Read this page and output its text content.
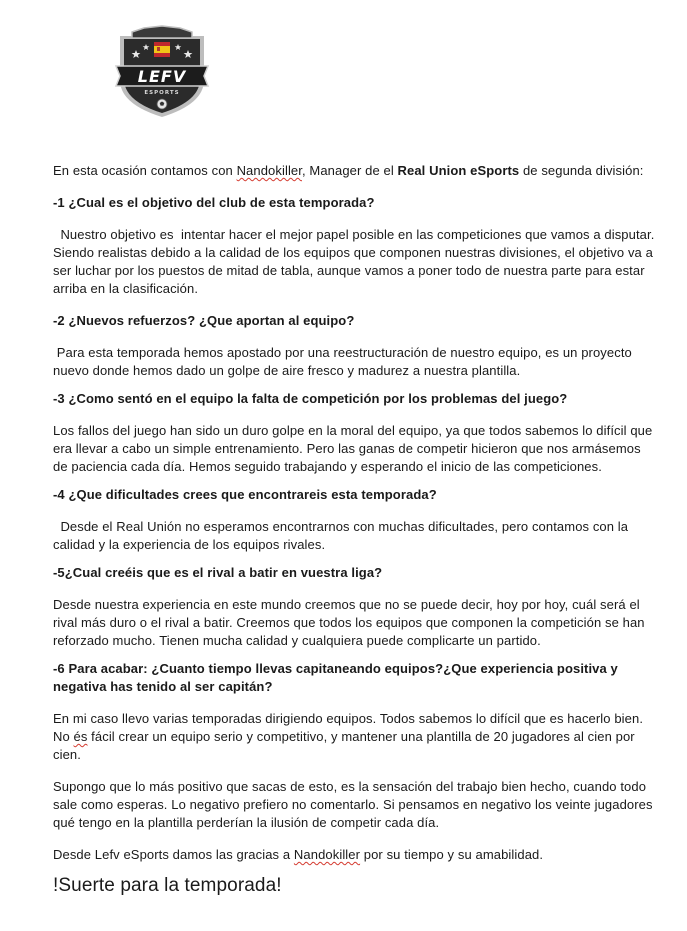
LEFV
ESPORTS

En esta ocasión contamos con Nandokiller, Manager de el Real Union eSports de segunda división:

-1 ¿Cual es el objetivo del club de esta temporada?

Nuestro objetivo es  intentar hacer el mejor papel posible en las competiciones que vamos a disputar. Siendo realistas debido a la calidad de los equipos que componen nuestras divisiones, el objetivo va a ser luchar por los puestos de mitad de tabla, aunque vamos a poner todo de nuestra parte para estar arriba en la clasificación.

-2 ¿Nuevos refuerzos? ¿Que aportan al equipo?

Para esta temporada hemos apostado por una reestructuración de nuestro equipo, es un proyecto nuevo donde hemos dado un golpe de aire fresco y madurez a nuestra plantilla.

-3 ¿Como sentó en el equipo la falta de competición por los problemas del juego?

Los fallos del juego han sido un duro golpe en la moral del equipo, ya que todos sabemos lo difícil que era llevar a cabo un simple entrenamiento. Pero las ganas de competir hicieron que nos armásemos de paciencia cada día. Hemos seguido trabajando y esperando el inicio de las competiciones.

-4 ¿Que dificultades crees que encontrareis esta temporada?

Desde el Real Unión no esperamos encontrarnos con muchas dificultades, pero contamos con la calidad y la experiencia de los equipos rivales.

-5¿Cual creéis que es el rival a batir en vuestra liga?

Desde nuestra experiencia en este mundo creemos que no se puede decir, hoy por hoy, cuál será el rival más duro o el rival a batir. Creemos que todos los equipos que componen la competición se han reforzado mucho. Tienen mucha calidad y cualquiera puede complicarte un partido.

-6 Para acabar: ¿Cuanto tiempo llevas capitaneando equipos?¿Que experiencia positiva y negativa has tenido al ser capitán?

En mi caso llevo varias temporadas dirigiendo equipos. Todos sabemos lo difícil que es hacerlo bien. No és fácil crear un equipo serio y competitivo, y mantener una plantilla de 20 jugadores al cien por cien.

Supongo que lo más positivo que sacas de esto, es la sensación del trabajo bien hecho, cuando todo sale como esperas. Lo negativo prefiero no comentarlo. Si pensamos en negativo los veinte jugadores qué tengo en la plantilla perderían la ilusión de competir cada día.

Desde Lefv eSports damos las gracias a Nandokiller por su tiempo y su amabilidad.

!Suerte para la temporada!
